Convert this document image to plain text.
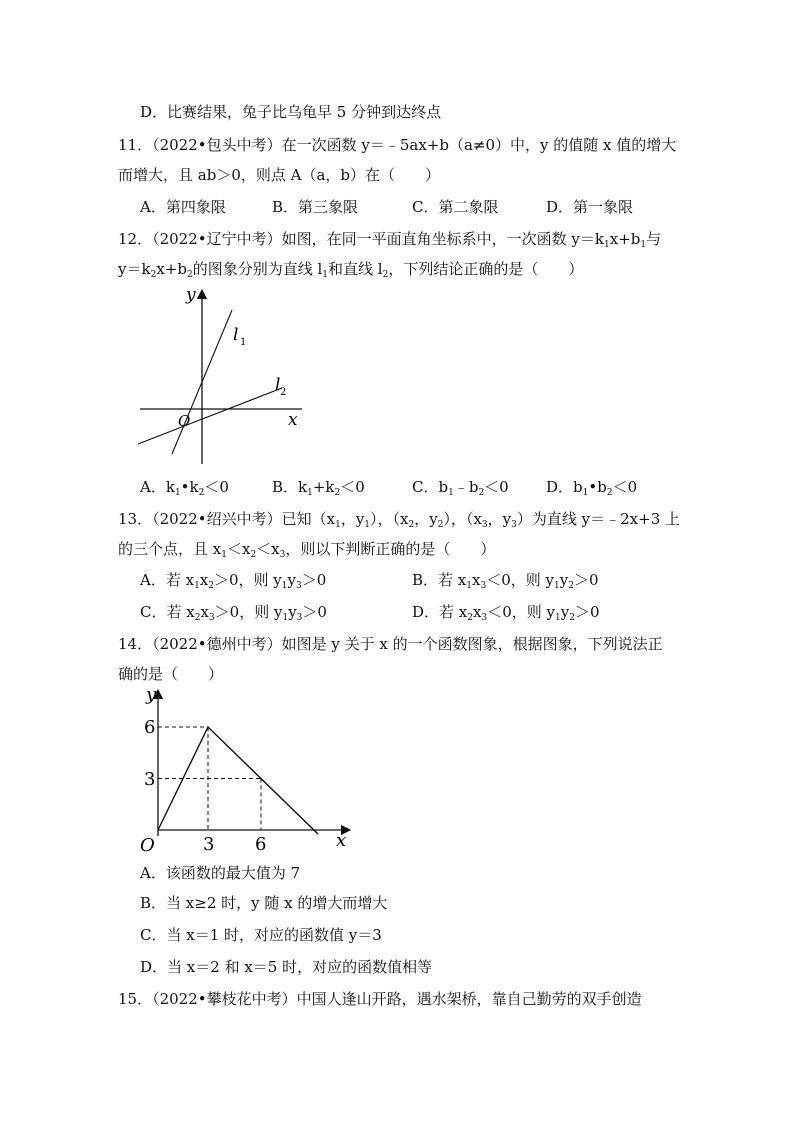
D．比赛结果，兔子比乌龟早 5 分钟到达终点
11．（2022•包头中考）在一次函数 y＝﹣5ax+b（a≠0）中，y 的值随 x 值的增大
而增大，且 ab＞0，则点 A（a，b）在（　　）
A．第四象限	B．第三象限	C．第二象限	D．第一象限
12．（2022•辽宁中考）如图，在同一平面直角坐标系中，一次函数 $y=k_1x+b_1$与
$y=k_2x+b_2$的图象分别为直线 $l_1$和直线 $l_2$，下列结论正确的是（　　）
y
x
O
l 1
l 2
A．$k_1•k_2<0$	B．$k_1+k_2<0$	C．$b_1﹣b_2<0$ D．$b_1•b_2<0$
13．（2022•绍兴中考）已知（$x_1$，$y_1$），（$x_2$，$y_2$），（$x_3$，$y_3$）为直线 y＝﹣2x+3 上
的三个点，且 $x_1<x_2<x_3$，则以下判断正确的是（　　）
A．若 $x_1x_2>0$，则 $y_1y_3>0$	B．若 $x_1x_3<0$，则 $y_1y_2>0$
C．若 $x_2x_3>0$，则 $y_1y_3>0$	D．若 $x_2x_3<0$，则 $y_1y_2>0$
14．（2022•德州中考）如图是 y 关于 x 的一个函数图象，根据图象，下列说法正
确的是（　　）
y
x
O
6
3
3 6
A．该函数的最大值为 7
B．当 x≥2 时，y 随 x 的增大而增大
C．当 x＝1 时，对应的函数值 y＝3
D．当 x＝2 和 x＝5 时，对应的函数值相等
15．（2022•攀枝花中考）中国人逢山开路，遇水架桥，靠自己勤劳的双手创造
